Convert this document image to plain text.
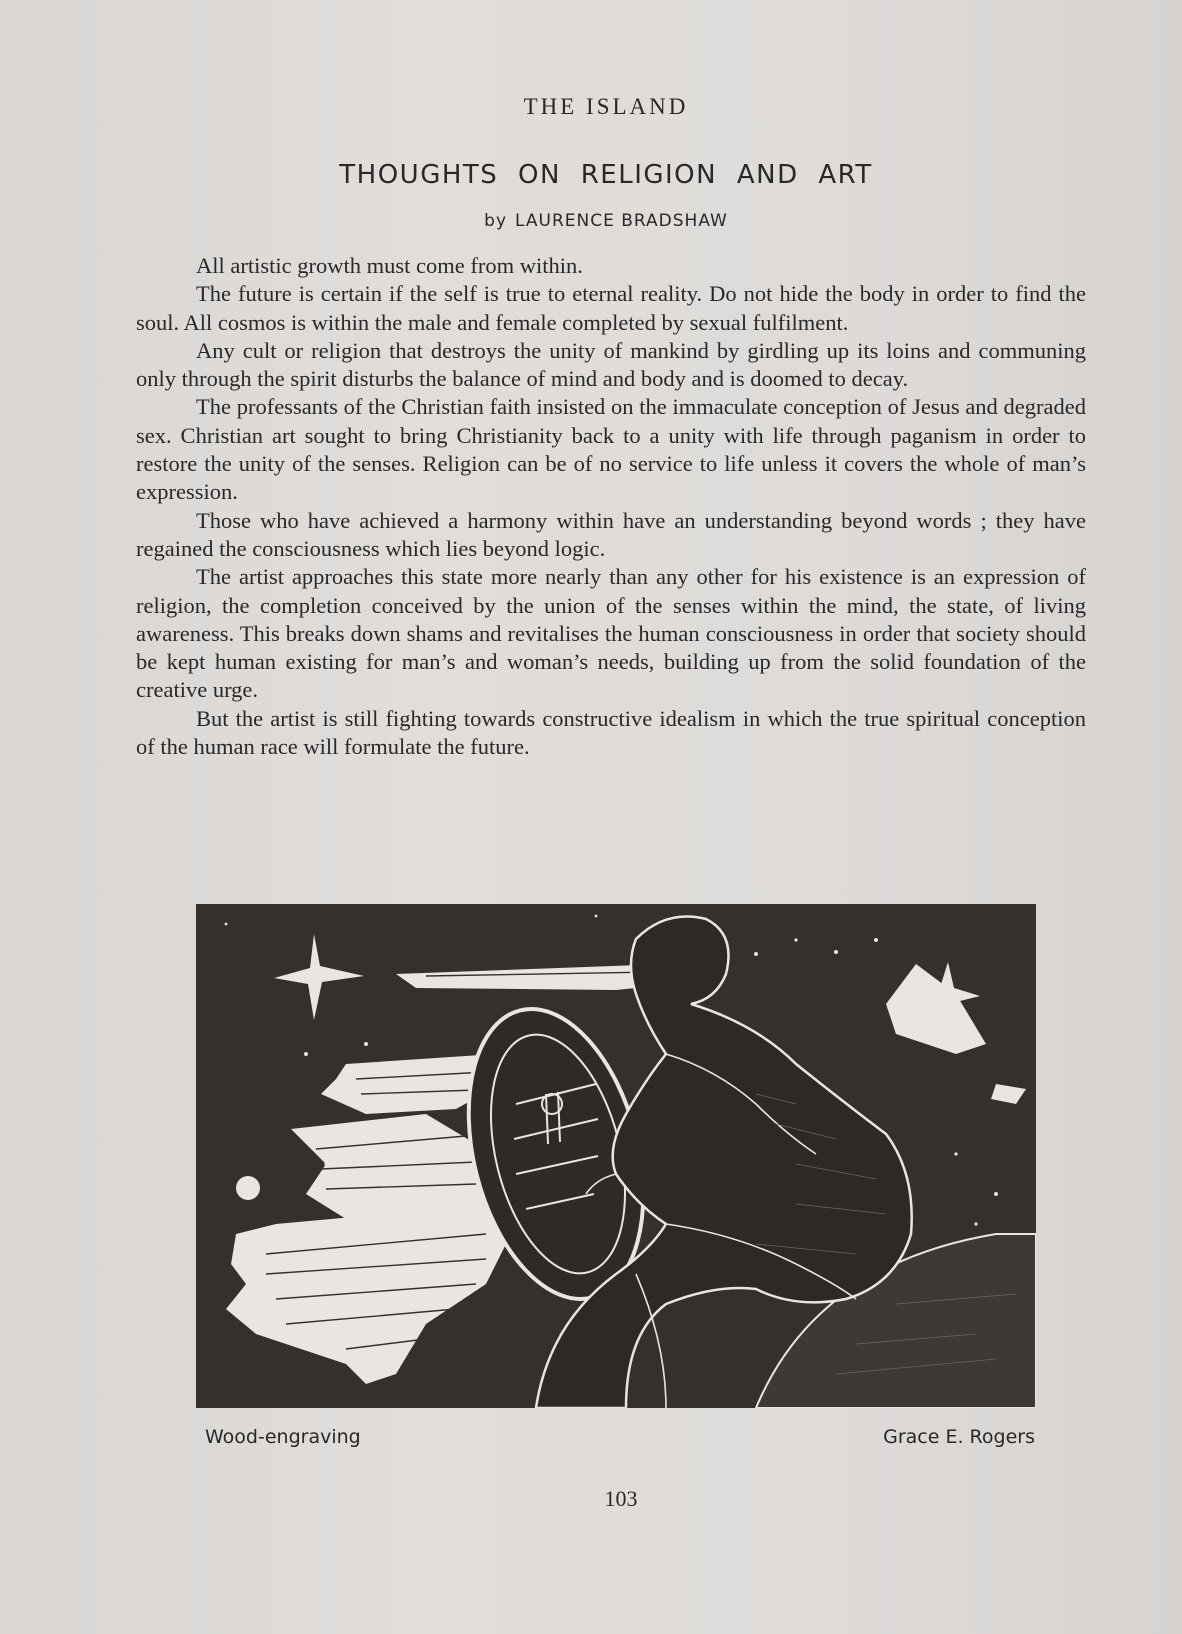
THE ISLAND
THOUGHTS ON RELIGION AND ART
by LAURENCE BRADSHAW

All artistic growth must come from within.

The future is certain if the self is true to eternal reality. Do not hide the body in order to find the soul. All cosmos is within the male and female completed by sexual fulfilment.

Any cult or religion that destroys the unity of mankind by girdling up its loins and communing only through the spirit disturbs the balance of mind and body and is doomed to decay.

The professants of the Christian faith insisted on the immaculate conception of Jesus and degraded sex. Christian art sought to bring Christianity back to a unity with life through paganism in order to restore the unity of the senses. Religion can be of no service to life unless it covers the whole of man’s expression.

Those who have achieved a harmony within have an understanding beyond words ; they have regained the consciousness which lies beyond logic.

The artist approaches this state more nearly than any other for his existence is an expression of religion, the completion conceived by the union of the senses within the mind, the state, of living awareness. This breaks down shams and revitalises the human consciousness in order that society should be kept human existing for man’s and woman’s needs, building up from the solid foundation of the creative urge.

But the artist is still fighting towards constructive idealism in which the true spiritual conception of the human race will formulate the future.

Wood-engraving	Grace E. Rogers
103
